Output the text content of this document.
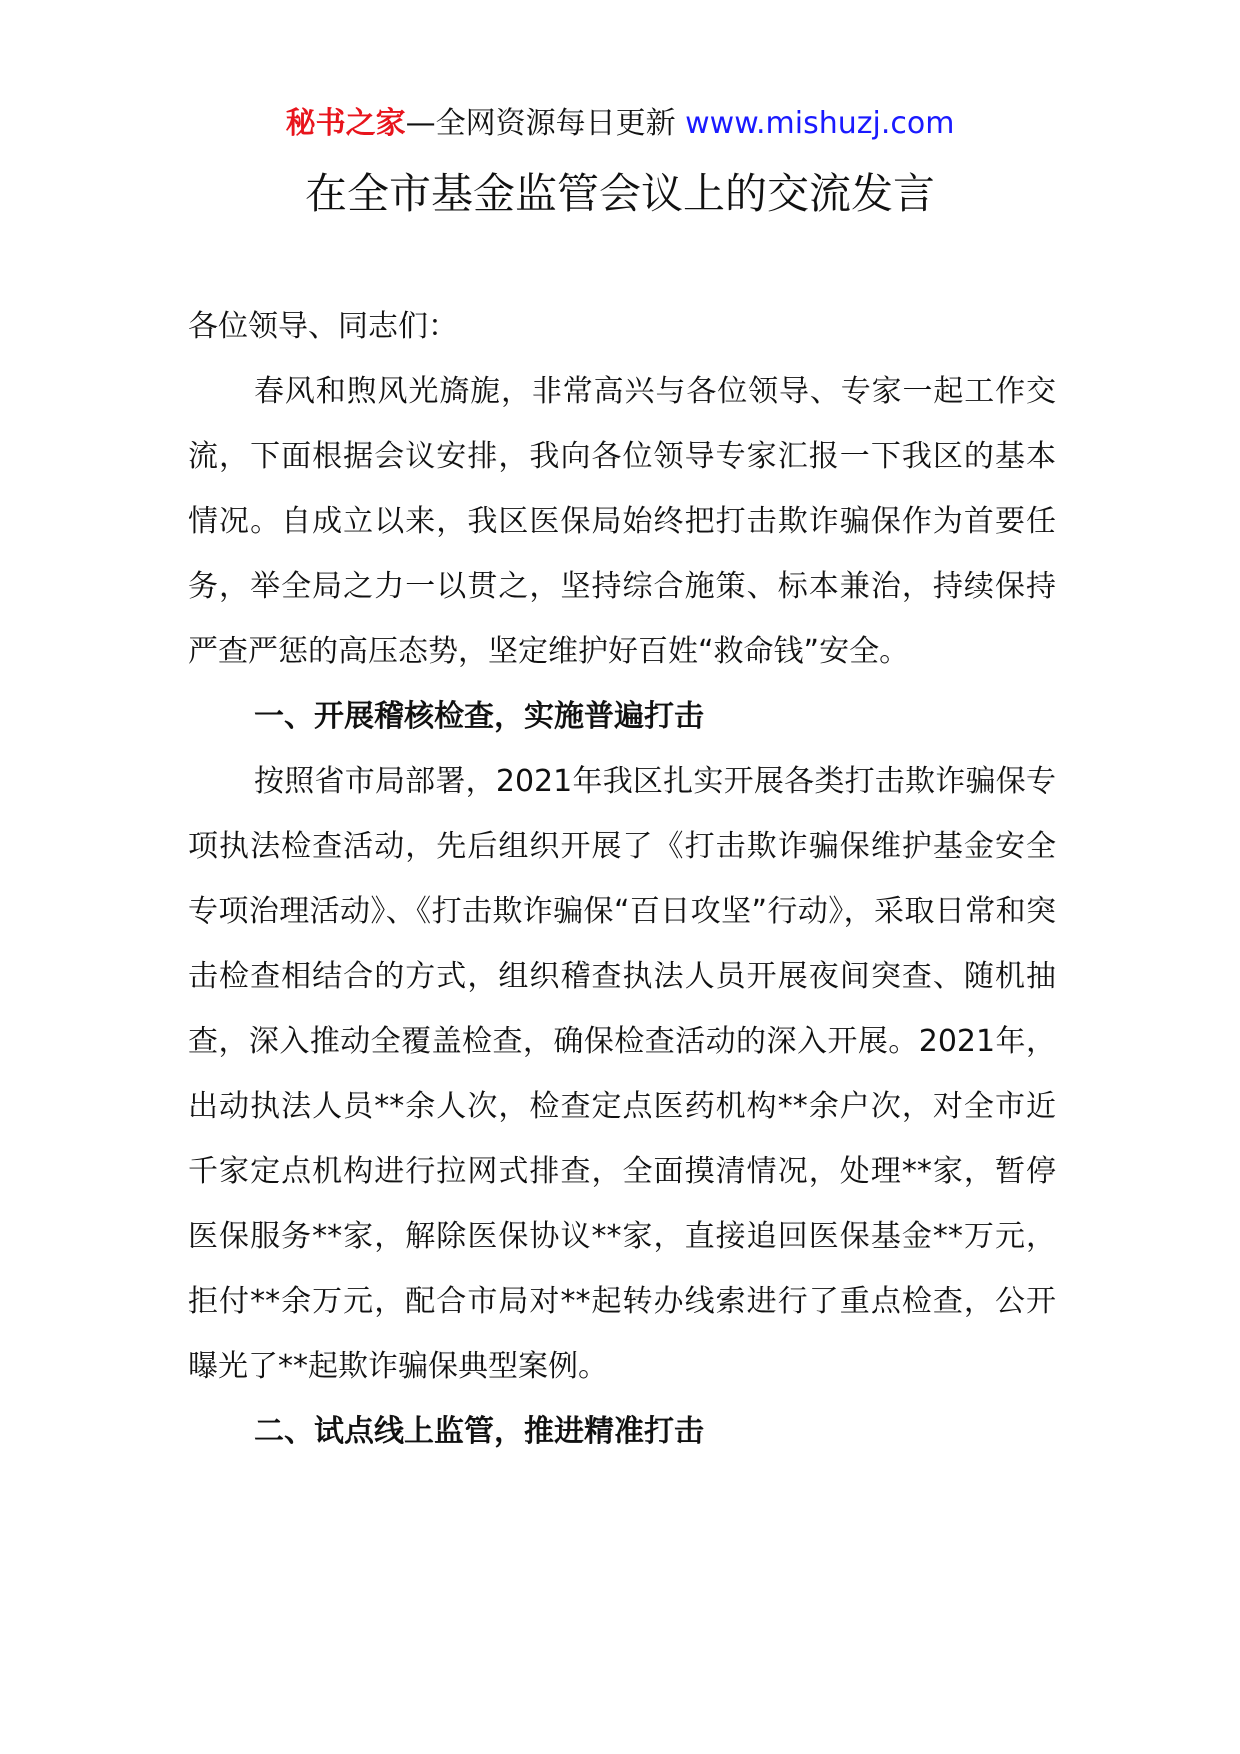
秘书之家—全网资源每日更新 www.mishuzj.com
在全市基金监管会议上的交流发言

各位领导、同志们：

春风和煦风光旖旎，非常高兴与各位领导、专家一起工作交流，下面根据会议安排，我向各位领导专家汇报一下我区的基本情况。自成立以来，我区医保局始终把打击欺诈骗保作为首要任务，举全局之力一以贯之，坚持综合施策、标本兼治，持续保持严查严惩的高压态势，坚定维护好百姓“救命钱”安全。

一、开展稽核检查，实施普遍打击

按照省市局部署，2021年我区扎实开展各类打击欺诈骗保专项执法检查活动，先后组织开展了《打击欺诈骗保维护基金安全专项治理活动》、《打击欺诈骗保“百日攻坚”行动》，采取日常和突击检查相结合的方式，组织稽查执法人员开展夜间突查、随机抽查，深入推动全覆盖检查，确保检查活动的深入开展。2021年，出动执法人员**余人次，检查定点医药机构**余户次，对全市近千家定点机构进行拉网式排查，全面摸清情况，处理**家，暂停医保服务**家，解除医保协议**家，直接追回医保基金**万元，拒付**余万元，配合市局对**起转办线索进行了重点检查，公开曝光了**起欺诈骗保典型案例。

二、试点线上监管，推进精准打击
